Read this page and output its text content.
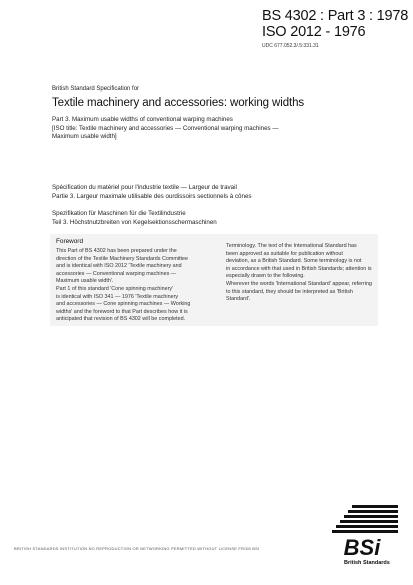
BS 4302 : Part 3 : 1978
ISO 2012 - 1976
UDC 677.052.3/.5:331.31
British Standard Specification for
Textile machinery and accessories: working widths
Part 3. Maximum usable widths of conventional warping machines
[ISO title: Textile machinery and accessories — Conventional warping machines —
Maximum usable width]
Spécification du matériel pour l'industrie textile — Largeur de travail
Partie 3. Largeur maximale utilisable des ourdissoirs sectionnels à cônes
Spezifikation für Maschinen für die Textilindustrie
Teil 3. Höchstnutzbreiten von Kegelsektionsschermaschinen
Foreword
This Part of BS 4302 has been prepared under the
direction of the Textile Machinery Standards Committee
and is identical with ISO 2012 'Textile machinery and
accessories — Conventional warping machines —
Maximum usable width'.
Part 1 of this standard 'Cone spinning machinery'
is identical with ISO 341 — 1976 'Textile machinery
and accessories — Cone spinning machines — Working
widths' and the foreword to that Part describes how it is
anticipated that revision of BS 4302 will be completed.
Terminology. The text of the International Standard has
been approved as suitable for publication without
deviation, as a British Standard. Some terminology is not
in accordance with that used in British Standards; attention is
especially drawn to the following.
Wherever the words 'International Standard' appear, referring
to this standard, they should be interpreted as 'British
Standard'.
BRITISH STANDARDS INSTITUTION NO REPRODUCTION OR NETWORKING PERMITTED WITHOUT LICENSE FROM BSI	BSi
British Standards
